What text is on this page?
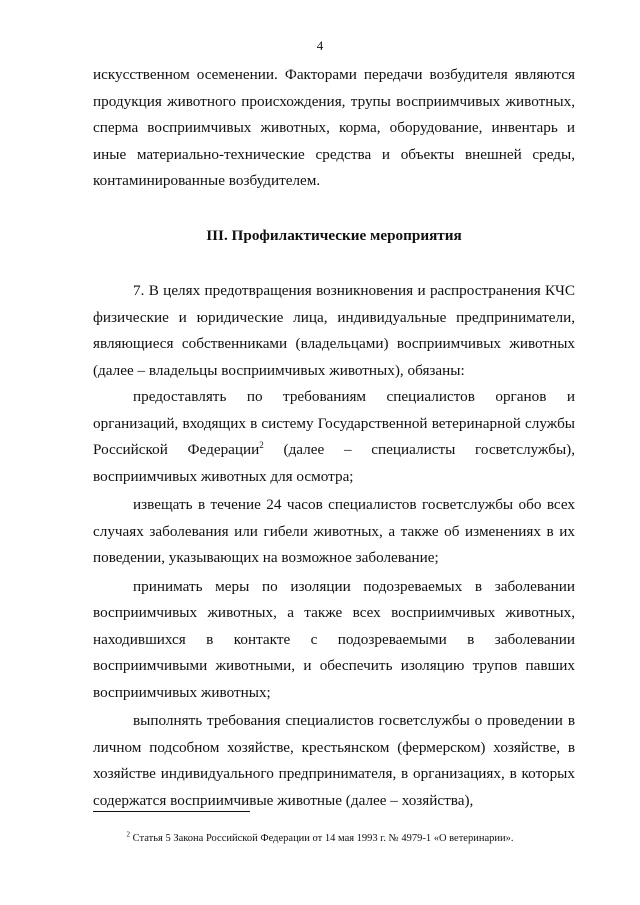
4

искусственном осеменении. Факторами передачи возбудителя являются продукция животного происхождения, трупы восприимчивых животных, сперма восприимчивых животных, корма, оборудование, инвентарь и иные материально-технические средства и объекты внешней среды, контаминированные возбудителем.

III. Профилактические мероприятия

7. В целях предотвращения возникновения и распространения КЧС физические и юридические лица, индивидуальные предприниматели, являющиеся собственниками (владельцами) восприимчивых животных (далее – владельцы восприимчивых животных), обязаны:

предоставлять по требованиям специалистов органов и организаций, входящих в систему Государственной ветеринарной службы Российской Федерации$^2$ (далее – специалисты госветслужбы), восприимчивых животных для осмотра;

извещать в течение 24 часов специалистов госветслужбы обо всех случаях заболевания или гибели животных, а также об изменениях в их поведении, указывающих на возможное заболевание;

принимать меры по изоляции подозреваемых в заболевании восприимчивых животных, а также всех восприимчивых животных, находившихся в контакте с подозреваемыми в заболевании восприимчивыми животными, и обеспечить изоляцию трупов павших восприимчивых животных;

выполнять требования специалистов госветслужбы о проведении в личном подсобном хозяйстве, крестьянском (фермерском) хозяйстве, в хозяйстве индивидуального предпринимателя, в организациях, в которых содержатся восприимчивые животные (далее – хозяйства),

$^2$ Статья 5 Закона Российской Федерации от 14 мая 1993 г. № 4979-1 «О ветеринарии».
